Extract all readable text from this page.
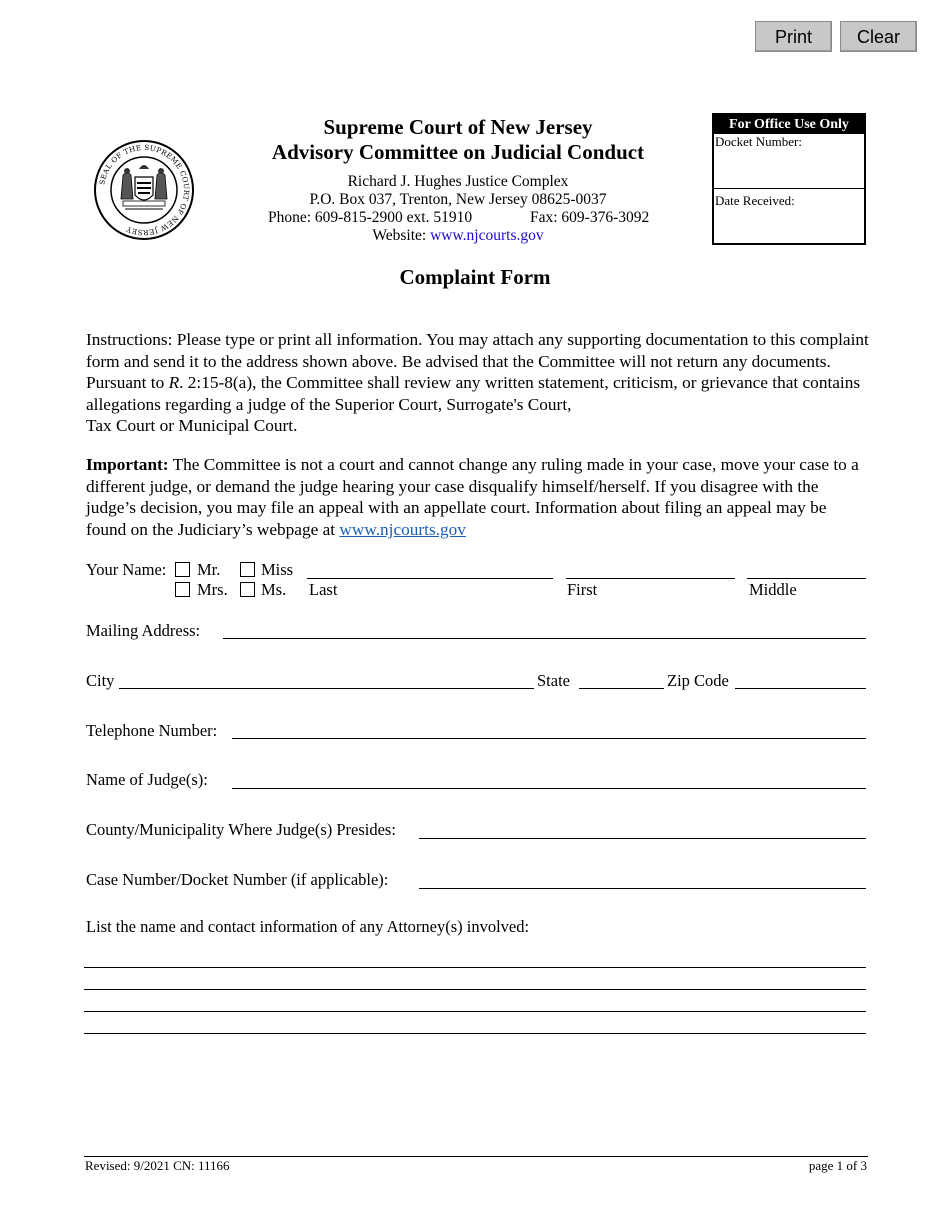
Print	Clear
SEAL OF THE SUPREME COURT OF NEW JERSEY
Supreme Court of New Jersey
Advisory Committee on Judicial Conduct
Richard J. Hughes Justice Complex
P.O. Box 037, Trenton, New Jersey 08625-0037
Phone: 609-815-2900 ext. 51910	Fax: 609-376-3092
Website: www.njcourts.gov
For Office Use Only
Docket Number:
Date Received:
Complaint Form
Instructions: Please type or print all information. You may attach any supporting documentation to this complaint form and send it to the address shown above. Be advised that the Committee will not return any documents. Pursuant to R. 2:15-8(a), the Committee shall review any written statement, criticism, or grievance that contains allegations regarding a judge of the Superior Court, Surrogate's Court,
Tax Court or Municipal Court.
Important: The Committee is not a court and cannot change any ruling made in your case, move your case to a different judge, or demand the judge hearing your case disqualify himself/herself. If you disagree with the judge’s decision, you may file an appeal with an appellate court. Information about filing an appeal may be found on the Judiciary’s webpage at www.njcourts.gov
Your Name: Mr. Miss
Mrs. Ms. Last	First	Middle
Mailing Address:
City	State	Zip Code
Telephone Number:
Name of Judge(s):
County/Municipality Where Judge(s) Presides:
Case Number/Docket Number (if applicable):
List the name and contact information of any Attorney(s) involved:
Revised: 9/2021 CN: 11166	page 1 of 3
